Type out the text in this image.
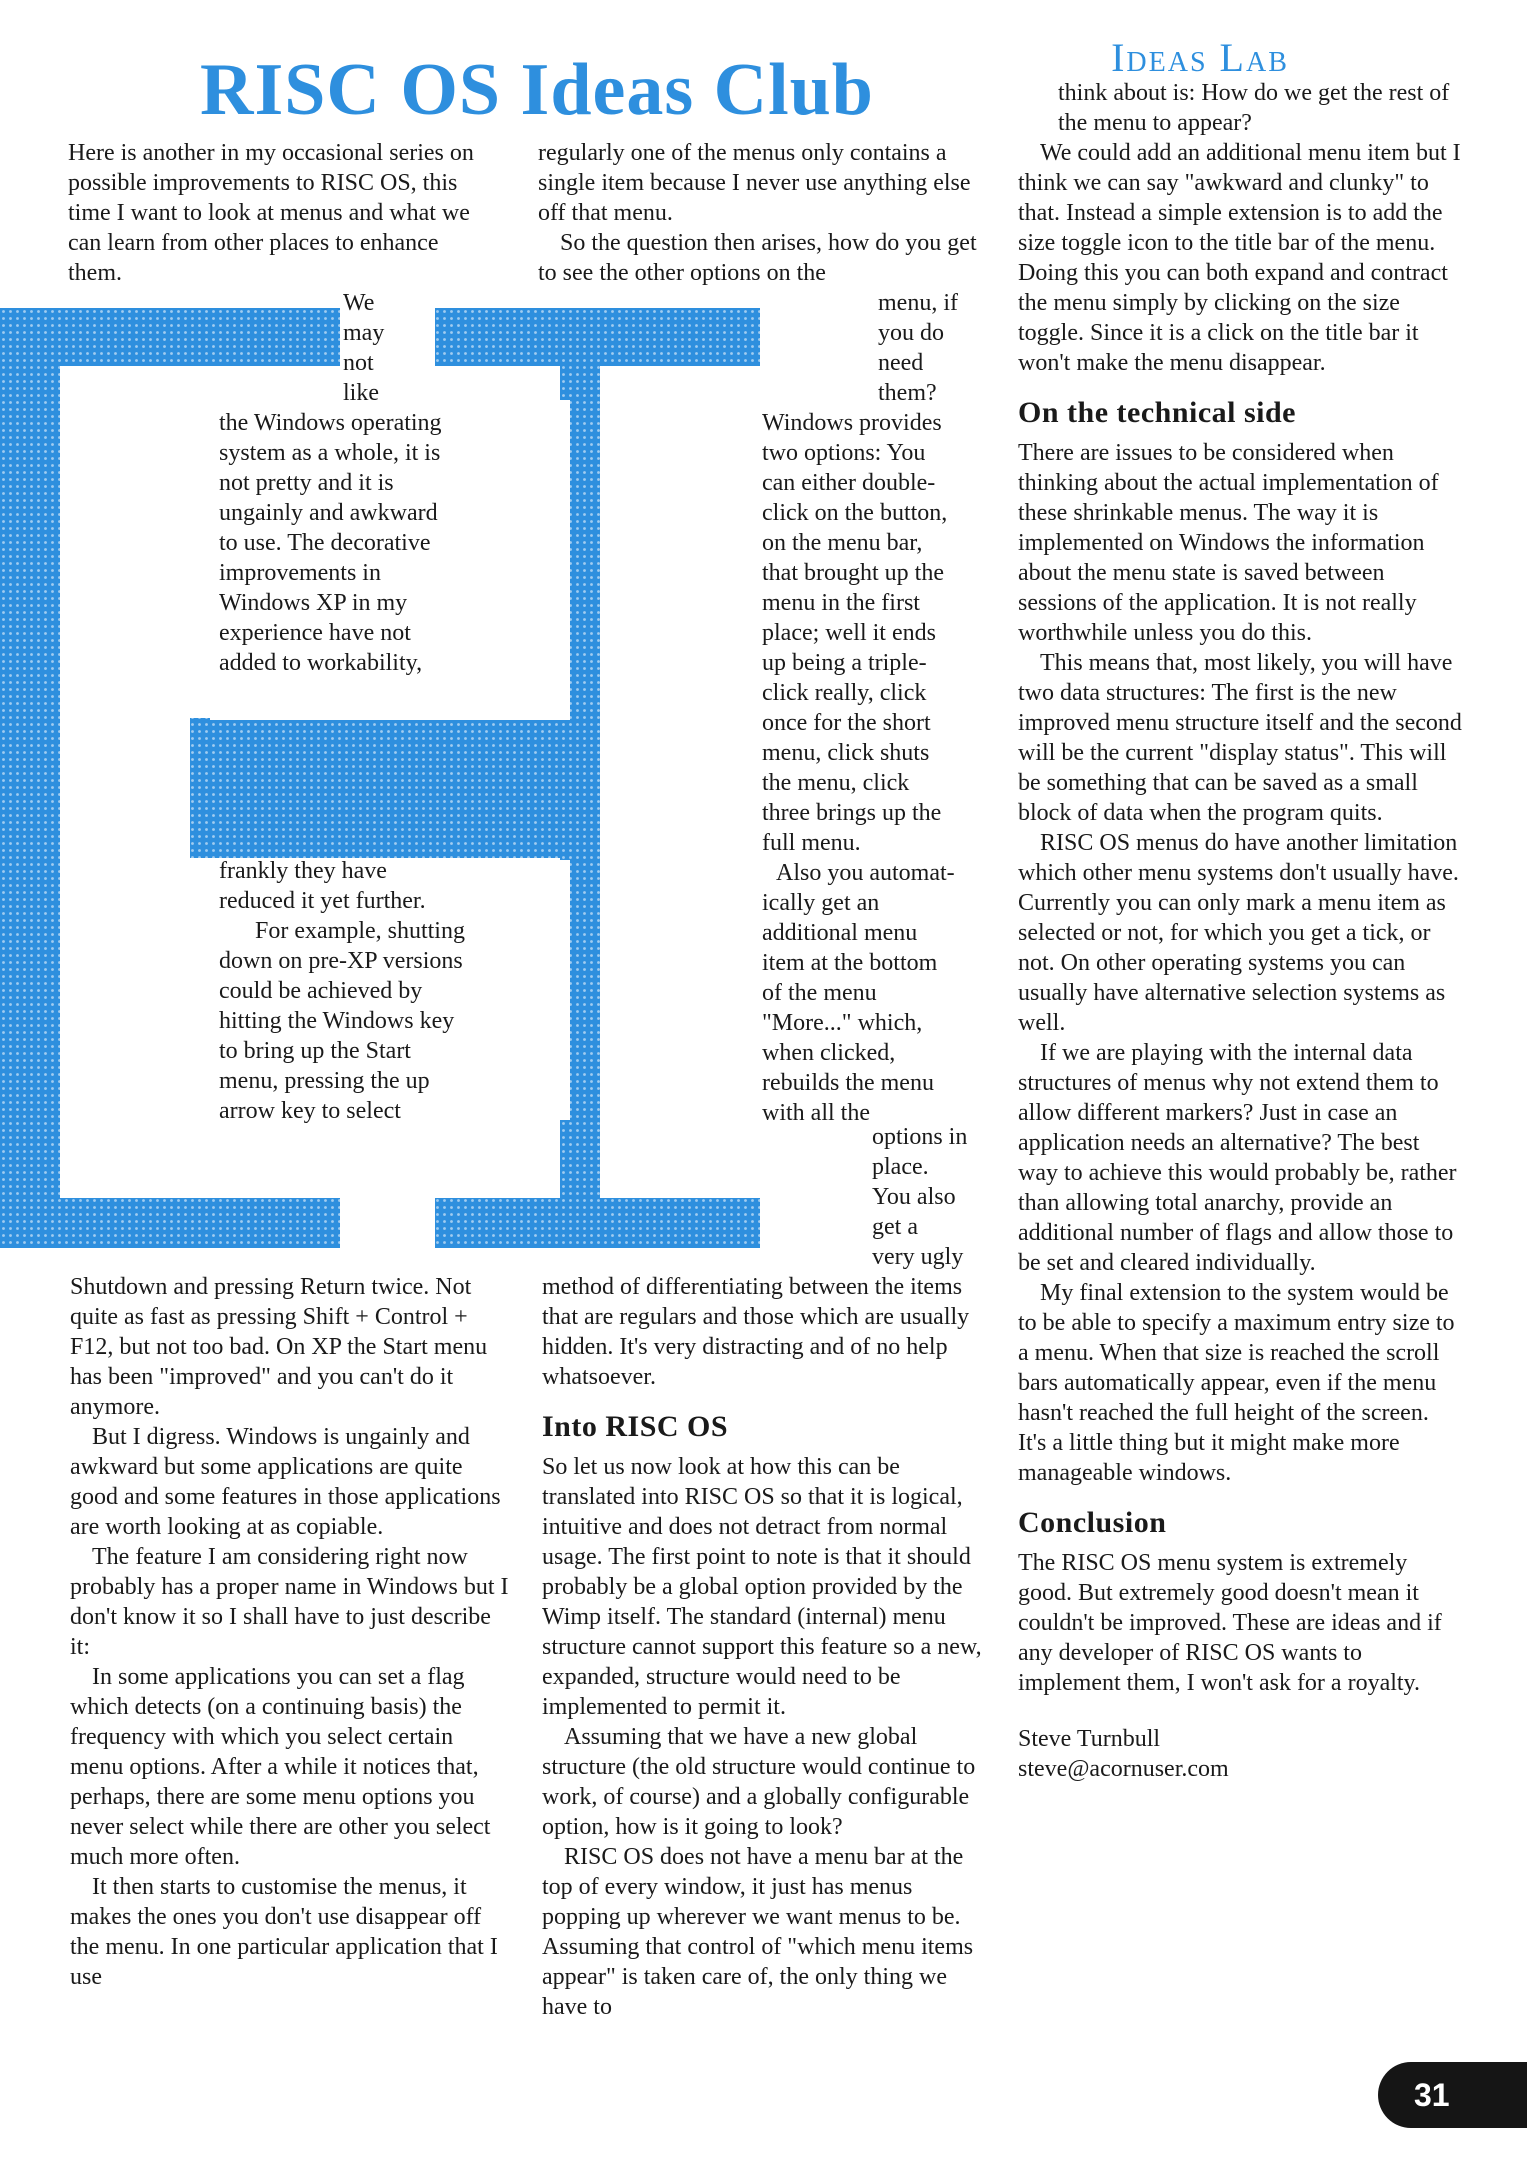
Ideas Lab
RISC OS Ideas Club

Here is another in my occasional series on possible improvements to RISC OS, this time I want to look at menus and what we can learn from other places to enhance them.

We
may
not
like
the Windows operating
system as a whole, it is
not pretty and it is
ungainly and awkward
to use. The decorative
improvements in
Windows XP in my
experience have not
added to workability,
frankly they have
reduced it yet further.
For example, shutting
down on pre-XP versions
could be achieved by
hitting the Windows key
to bring up the Start
menu, pressing the up
arrow key to select

Shutdown and pressing Return twice. Not quite as fast as pressing Shift + Control + F12, but not too bad. On XP the Start menu has been "improved" and you can't do it anymore.

But I digress. Windows is ungainly and awkward but some applications are quite good and some features in those applications are worth looking at as copiable.

The feature I am considering right now probably has a proper name in Windows but I don't know it so I shall have to just describe it:

In some applications you can set a flag which detects (on a continuing basis) the frequency with which you select certain menu options. After a while it notices that, perhaps, there are some menu options you never select while there are other you select much more often.

It then starts to customise the menus, it makes the ones you don't use disappear off the menu. In one particular application that I use

regularly one of the menus only contains a single item because I never use anything else off that menu.

So the question then arises, how do you get to see the other options on the

menu, if
you do
need
them?
Windows provides
two options: You
can either double-
click on the button,
on the menu bar,
that brought up the
menu in the first
place; well it ends
up being a triple-
click really, click
once for the short
menu, click shuts
the menu, click
three brings up the
full menu.
Also you automat-
ically get an
additional menu
item at the bottom
of the menu
"More..." which,
when clicked,
rebuilds the menu
with all the
options in
place.
You also
get a
very ugly

method of differentiating between the items that are regulars and those which are usually hidden. It's very distracting and of no help whatsoever.

Into RISC OS

So let us now look at how this can be translated into RISC OS so that it is logical, intuitive and does not detract from normal usage. The first point to note is that it should probably be a global option provided by the Wimp itself. The standard (internal) menu structure cannot support this feature so a new, expanded, structure would need to be implemented to permit it.

Assuming that we have a new global structure (the old structure would continue to work, of course) and a globally configurable option, how is it going to look?

RISC OS does not have a menu bar at the top of every window, it just has menus popping up wherever we want menus to be. Assuming that control of "which menu items appear" is taken care of, the only thing we have to

think about is: How do we get the rest of the menu to appear?

We could add an additional menu item but I think we can say "awkward and clunky" to that. Instead a simple extension is to add the size toggle icon to the title bar of the menu. Doing this you can both expand and contract the menu simply by clicking on the size toggle. Since it is a click on the title bar it won't make the menu disappear.

On the technical side

There are issues to be considered when thinking about the actual implementation of these shrinkable menus. The way it is implemented on Windows the information about the menu state is saved between sessions of the application. It is not really worthwhile unless you do this.

This means that, most likely, you will have two data structures: The first is the new improved menu structure itself and the second will be the current "display status". This will be something that can be saved as a small block of data when the program quits.

RISC OS menus do have another limitation which other menu systems don't usually have. Currently you can only mark a menu item as selected or not, for which you get a tick, or not. On other operating systems you can usually have alternative selection systems as well.

If we are playing with the internal data structures of menus why not extend them to allow different markers? Just in case an application needs an alternative? The best way to achieve this would probably be, rather than allowing total anarchy, provide an additional number of flags and allow those to be set and cleared individually.

My final extension to the system would be to be able to specify a maximum entry size to a menu. When that size is reached the scroll bars automatically appear, even if the menu hasn't reached the full height of the screen. It's a little thing but it might make more manageable windows.

Conclusion

The RISC OS menu system is extremely good. But extremely good doesn't mean it couldn't be improved. These are ideas and if any developer of RISC OS wants to implement them, I won't ask for a royalty.

Steve Turnbull
steve@acornuser.com
31
